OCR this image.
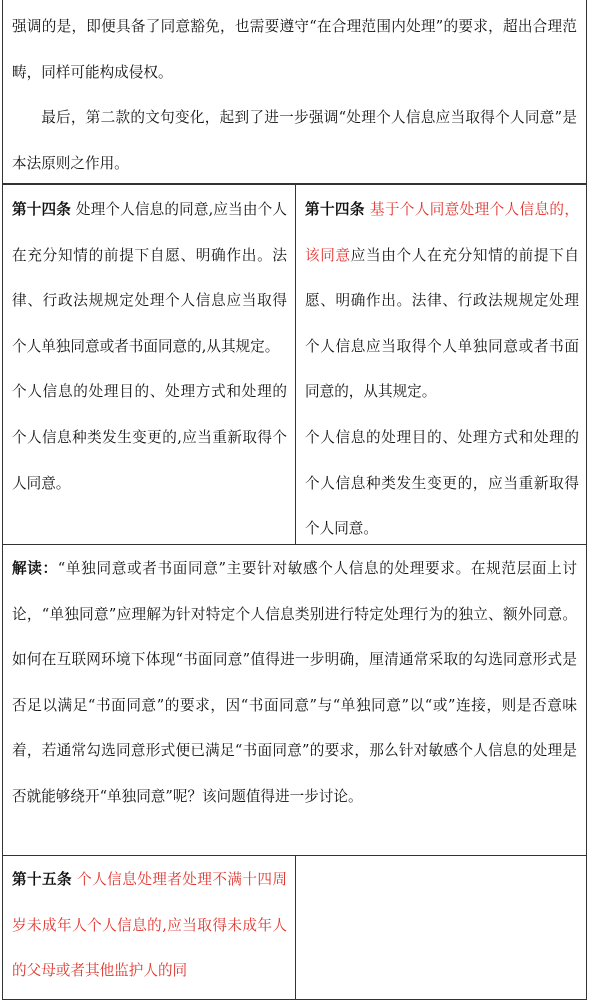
强调的是，即便具备了同意豁免，也需要遵守“在合理范围内处理”的要求，超出合理范畴，同样可能构成侵权。

最后，第二款的文句变化，起到了进一步强调“处理个人信息应当取得个人同意”是本法原则之作用。

第十四条 处理个人信息的同意,应当由个人在充分知情的前提下自愿、明确作出。法律、行政法规规定处理个人信息应当取得个人单独同意或者书面同意的,从其规定。

个人信息的处理目的、处理方式和处理的个人信息种类发生变更的,应当重新取得个人同意。

第十四条 基于个人同意处理个人信息的，该同意应当由个人在充分知情的前提下自愿、明确作出。法律、行政法规规定处理个人信息应当取得个人单独同意或者书面同意的，从其规定。

个人信息的处理目的、处理方式和处理的个人信息种类发生变更的，应当重新取得个人同意。

解读：“单独同意或者书面同意”主要针对敏感个人信息的处理要求。在规范层面上讨论，“单独同意”应理解为针对特定个人信息类别进行特定处理行为的独立、额外同意。如何在互联网环境下体现“书面同意”值得进一步明确，厘清通常采取的勾选同意形式是否足以满足“书面同意”的要求，因“书面同意”与“单独同意”以“或”连接，则是否意味着，若通常勾选同意形式便已满足“书面同意”的要求，那么针对敏感个人信息的处理是否就能够绕开“单独同意”呢？该问题值得进一步讨论。

第十五条 个人信息处理者处理不满十四周岁未成年人个人信息的,应当取得未成年人的父母或者其他监护人的同
